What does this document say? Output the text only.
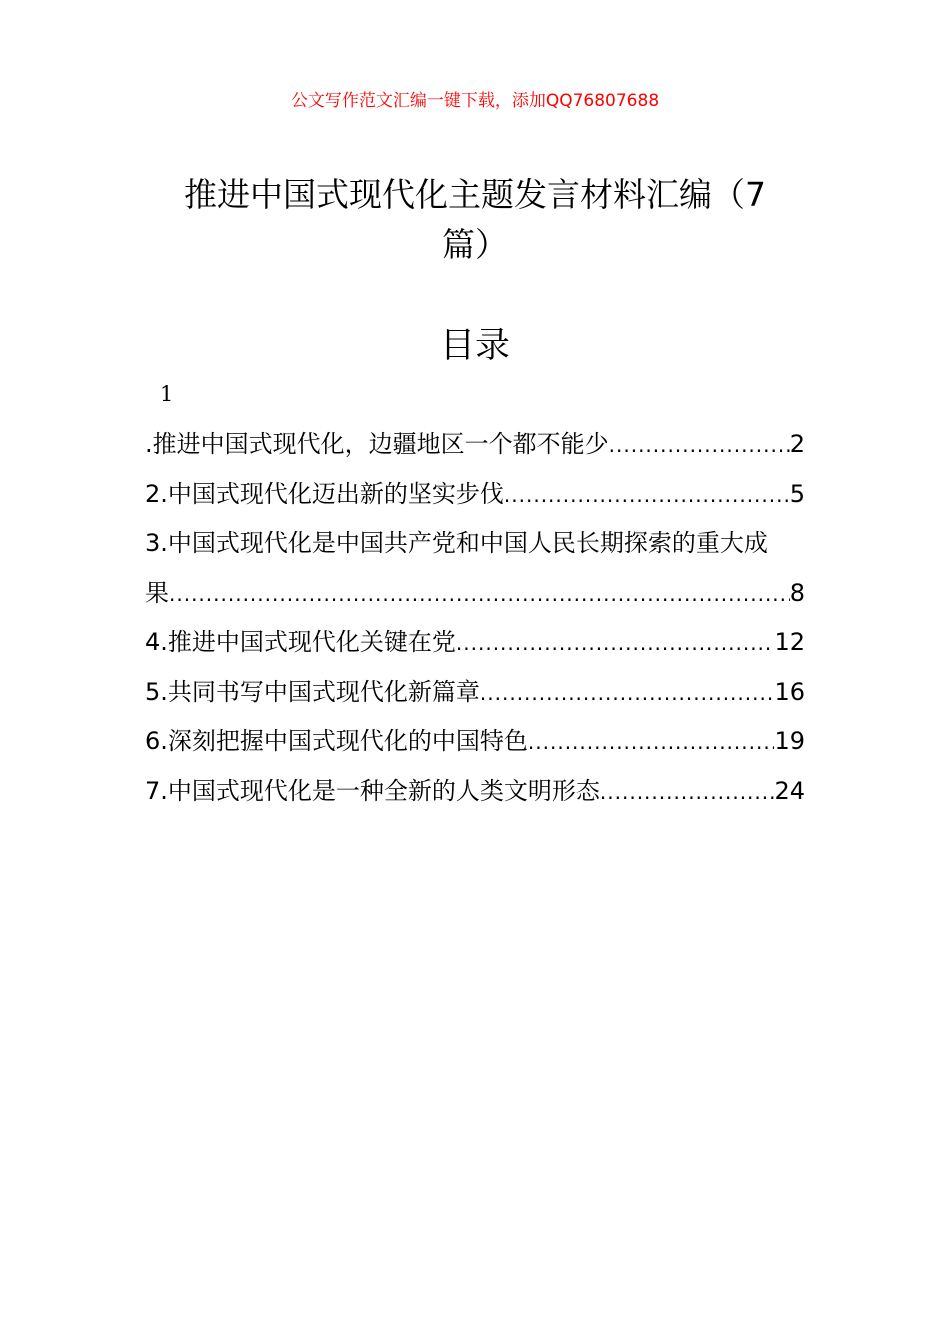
公文写作范文汇编一键下载，添加QQ76807688
推进中国式现代化主题发言材料汇编（7篇）
目录
1
.推进中国式现代化，边疆地区一个都不能少 .....	2
2.中国式现代化迈出新的坚实步伐 .....	5
3.中国式现代化是中国共产党和中国人民长期探索的重大成
果 .....	8
4.推进中国式现代化关键在党 .....	12
5.共同书写中国式现代化新篇章 .....	16
6.深刻把握中国式现代化的中国特色 .....	19
7.中国式现代化是一种全新的人类文明形态 .....	24
